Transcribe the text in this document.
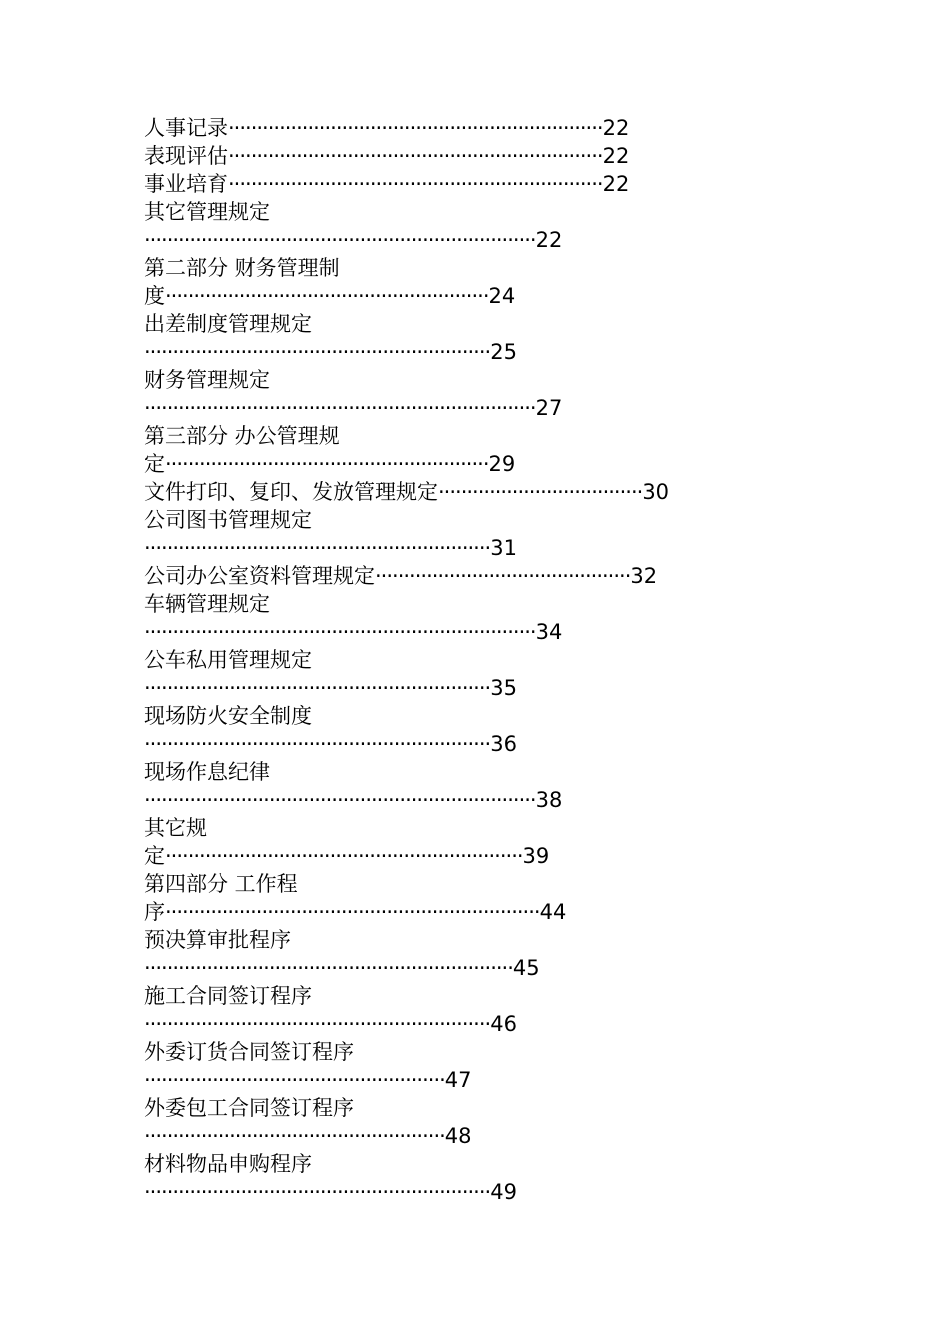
人事记录··································································22
表现评估··································································22
事业培育··································································22
其它管理规定
·····································································22
第二部分 财务管理制
度·························································24
出差制度管理规定
·····························································25
财务管理规定
·····································································27
第三部分 办公管理规
定·························································29
文件打印、复印、发放管理规定····································30
公司图书管理规定
·····························································31
公司办公室资料管理规定·············································32
车辆管理规定
·····································································34
公车私用管理规定
·····························································35
现场防火安全制度
·····························································36
现场作息纪律
·····································································38
其它规
定·······························································39
第四部分 工作程
序··································································44
预决算审批程序
·································································45
施工合同签订程序
·····························································46
外委订货合同签订程序
·····················································47
外委包工合同签订程序
·····················································48
材料物品申购程序
·····························································49
